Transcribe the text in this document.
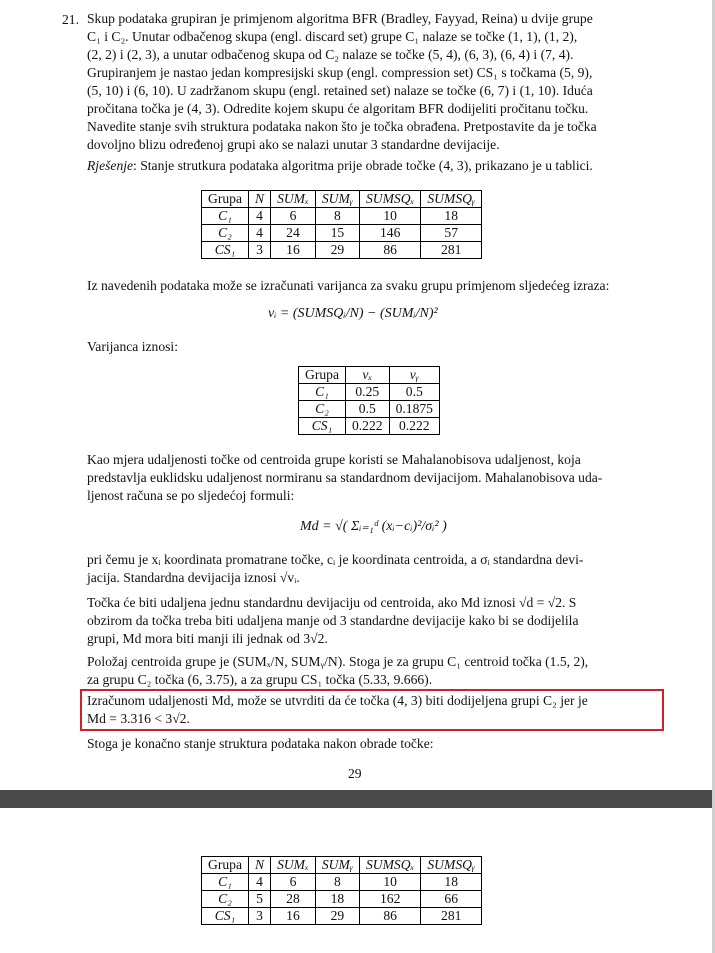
21. Skup podataka grupiran je primjenom algoritma BFR (Bradley, Fayyad, Reina) u dvije grupe
C₁ i C₂. Unutar odbačenog skupa (engl. discard set) grupe C₁ nalaze se točke (1, 1), (1, 2),
(2, 2) i (2, 3), a unutar odbačenog skupa od C₂ nalaze se točke (5, 4), (6, 3), (6, 4) i (7, 4).
Grupiranjem je nastao jedan kompresijski skup (engl. compression set) CS₁ s točkama (5, 9),
(5, 10) i (6, 10). U zadržanom skupu (engl. retained set) nalaze se točke (6, 7) i (1, 10). Iduća
pročitana točka je (4, 3). Odredite kojem skupu će algoritam BFR dodijeliti pročitanu točku.
Navedite stanje svih struktura podataka nakon što je točka obrađena. Pretpostavite da je točka
dovoljno blizu određenoj grupi ako se nalazi unutar 3 standardne devijacije.
Rješenje: Stanje strutkura podataka algoritma prije obrade točke (4, 3), prikazano je u tablici.
Grupa	N	SUMₓ	SUMᵧ	SUMSQₓ	SUMSQᵧ
C₁	4	6	8	10	18
C₂	4	24	15	146	57
CS₁	3	16	29	86	281
Iz navedenih podataka može se izračunati varijanca za svaku grupu primjenom sljedećeg izraza:
vᵢ = (SUMSQᵢ/N) − (SUMᵢ/N)²
Varijanca iznosi:
Grupa	vₓ	vᵧ
C₁	0.25	0.5
C₂	0.5	0.1875
CS₁	0.222	0.222
Kao mjera udaljenosti točke od centroida grupe koristi se Mahalanobisova udaljenost, koja
predstavlja euklidsku udaljenost normiranu sa standardnom devijacijom. Mahalanobisova uda-
ljenost računa se po sljedećoj formuli:
Md = √( Σᵢ₌₁ᵈ (xᵢ−cᵢ)²/σᵢ² )
pri čemu je xᵢ koordinata promatrane točke, cᵢ je koordinata centroida, a σᵢ standardna devi-
jacija. Standardna devijacija iznosi √vᵢ.
Točka će biti udaljena jednu standardnu devijaciju od centroida, ako Md iznosi √d = √2. S
obzirom da točka treba biti udaljena manje od 3 standardne devijacije kako bi se dodijelila
grupi, Md mora biti manji ili jednak od 3√2.
Položaj centroida grupe je (SUMₓ/N, SUMᵧ/N). Stoga je za grupu C₁ centroid točka (1.5, 2),
za grupu C₂ točka (6, 3.75), a za grupu CS₁ točka (5.33, 9.666).
Izračunom udaljenosti Md, može se utvrditi da će točka (4, 3) biti dodijeljena grupi C₂ jer je
Md = 3.316 < 3√2.
Stoga je konačno stanje struktura podataka nakon obrade točke:
29
Grupa	N	SUMₓ	SUMᵧ	SUMSQₓ	SUMSQᵧ
C₁	4	6	8	10	18
C₂	5	28	18	162	66
CS₁	3	16	29	86	281
